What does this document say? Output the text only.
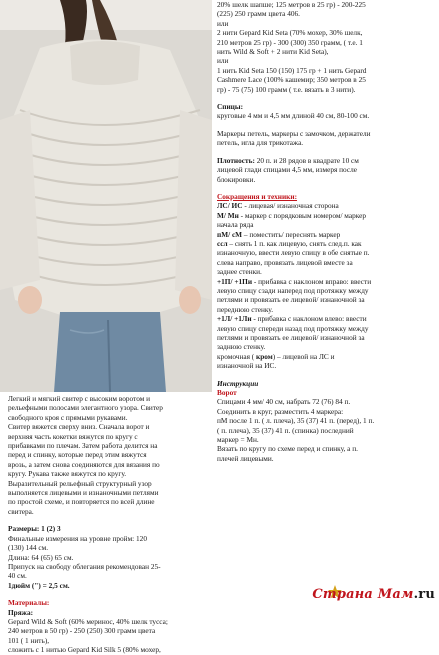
Легкий и мягкий свитер с высоким воротом и

рельефными полосами элегантного узора. Свитер

свободного кроя с прямыми рукавами.

Свитер вяжется сверху вниз. Сначала ворот и

верхняя часть кокетки вяжутся по кругу с

прибавками по плечам. Затем работа делится на

перед и спинку, которые перед этим вяжутся

врозь, а затем снова соединяются для вязания по

кругу. Рукава также вяжутся по кругу.

Выразительный рельефный структурный узор

выполняется лицевыми и изнаночными петлями

по простой схеме, и повторяется по всей длине

свитера.

Размеры: 1 (2) 3

Финальные измерения на уровне пройм: 120

(130) 144 см.

Длина: 64 (65) 65 см.

Припуск на свободу облегания рекомендован 25-

40 см.

1дюйм (") = 2,5 см.

Материалы:

Пряжа:

Gepard Wild & Soft (60% мериноc, 40% шелк тусса;

240 метров в 50 гр) - 250 (250) 300 грамм цвета

101 ( 1 нить),

сложить с 1 нитью Gepard Kid Silk 5 (80% мохер,

20% шелк шапше; 125 метров в 25 гр) - 200-225

(225) 250 грамм цвета 406.

или

2 нити Gepard Kid Seta (70% мохер, 30% шелк,

210 метров 25 гр) - 300 (300) 350 грамм, ( т.е. 1

нить Wild & Soft + 2 нити Kid Seta),

или

1 нить Kid Seta 150 (150) 175 гр + 1 нить Gepard

Cashmere Lace (100% кашемир; 350 метров в 25

гр) - 75 (75) 100 грамм ( т.е. вязать в 3 нити).

Спицы:

круговые 4 мм и 4,5 мм длиной 40 см, 80-100 см.

Маркеры петель, маркеры с замочком, держатели

петель, игла для трикотажа.

Плотность: 20 п. и 28 рядов в квадрате 10 см

лицевой глади спицами 4,5 мм, измеря после

блокировки.

Сокращения и техники:

ЛС/ ИС - лицевая/ изнаночная сторона

М/ Мн - маркер с порядковым номером/ маркер

начала ряда

пМ/ сМ – поместить/ переснять маркер

ссл – снять 1 п. как лицевую, снять след.п. как

изнаночную, ввести левую спицу в обе снятые п.

слева направо, провязать лицевой вместе за

заднее стенки.

+1П/ +1Пи - прибавка с наклоном вправо: ввести

левую спицу сзади наперед под протяжку между

петлями и провязать ее лицевой/ изнаночной за

переднюю стенку.

+1Л/ +1Ли - прибавка с наклоном влево: ввести

левую спицу спереди назад под протяжку между

петлями и провязать ее лицевой/ изнаночной за

заднюю стенку.

кромочная ( кром) – лицевой на ЛС и

изнаночной на ИС.

Инструкции

Ворот

Спицами 4 мм/ 40 см, набрать 72 (76) 84 п.

Соединить в круг, разместить 4 маркера:

пМ после 1 п. ( л. плеча), 35 (37) 41 п. (перед), 1 п.

( п. плеча), 35 (37) 41 п. (спинка) последний

маркер = Мн.

Вязать по кругу по схеме перед и спинку, а п.

плечей лицевыми.

Страна Мам.ru
